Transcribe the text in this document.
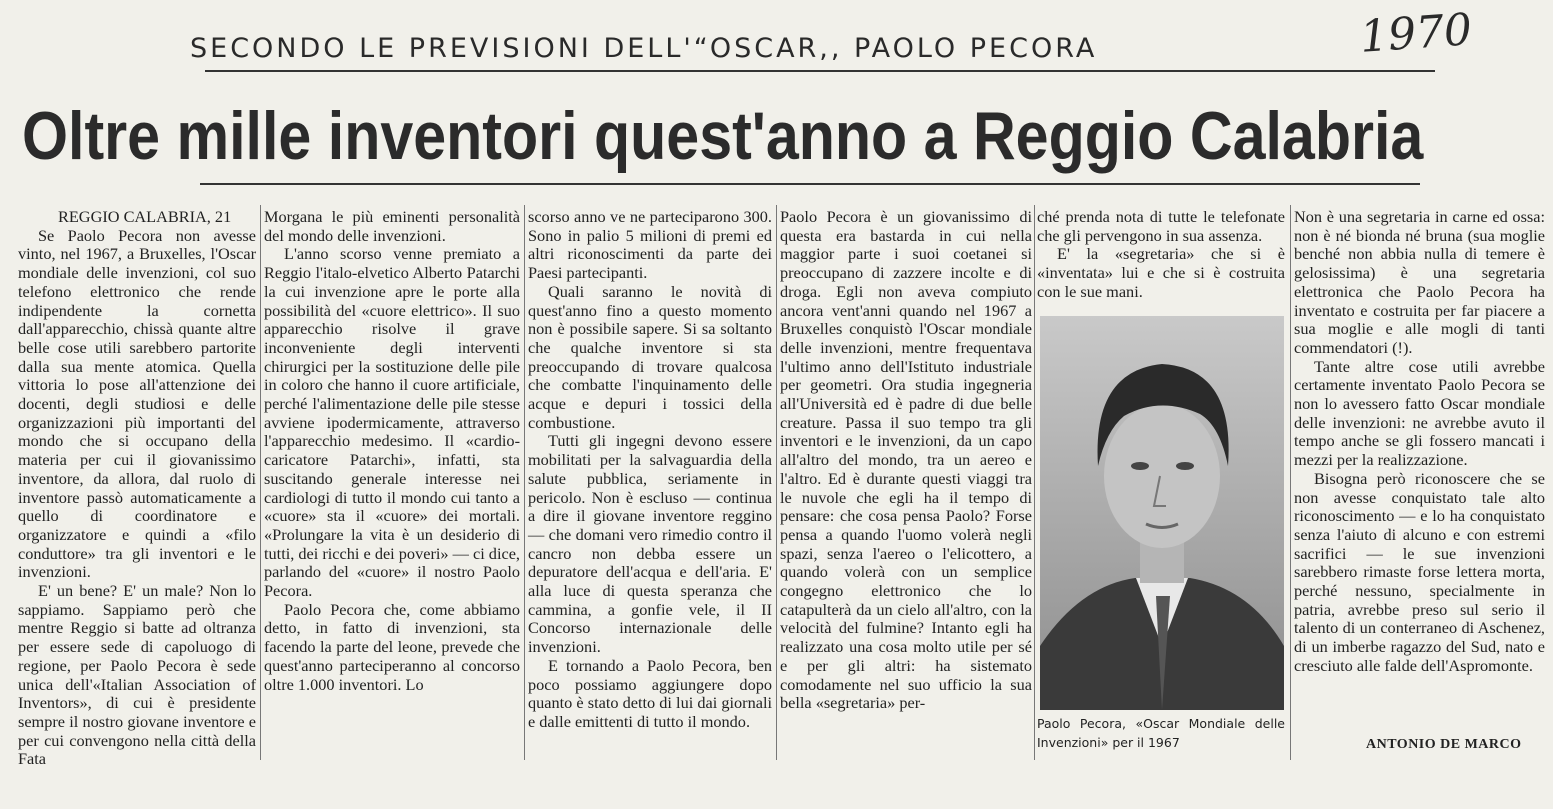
SECONDO LE PREVISIONI DELL'“OSCAR,, PAOLO PECORA	1970
Oltre mille inventori quest'anno a Reggio Calabria
REGGIO CALABRIA, 21

Se Paolo Pecora non avesse vinto, nel 1967, a Bruxelles, l'Oscar mondiale delle invenzioni, col suo telefono elettronico che rende indipendente la cornetta dall'apparecchio, chissà quante altre belle cose utili sarebbero partorite dalla sua mente atomica. Quella vittoria lo pose all'attenzione dei docenti, degli studiosi e delle organizzazioni più importanti del mondo che si occupano della materia per cui il giovanissimo inventore, da allora, dal ruolo di inventore passò automaticamente a quello di coordinatore e organizzatore e quindi a «filo conduttore» tra gli inventori e le invenzioni.

E' un bene? E' un male? Non lo sappiamo. Sappiamo però che mentre Reggio si batte ad oltranza per essere sede di capoluogo di regione, per Paolo Pecora è sede unica dell'«Italian Association of Inventors», di cui è presidente sempre il nostro giovane inventore e per cui convengono nella città della Fata

Morgana le più eminenti personalità del mondo delle invenzioni.

L'anno scorso venne premiato a Reggio l'italo-elvetico Alberto Patarchi la cui invenzione apre le porte alla possibilità del «cuore elettrico». Il suo apparecchio risolve il grave inconveniente degli interventi chirurgici per la sostituzione delle pile in coloro che hanno il cuore artificiale, perché l'alimentazione delle pile stesse avviene ipodermicamente, attraverso l'apparecchio medesimo. Il «cardio-caricatore Patarchi», infatti, sta suscitando generale interesse nei cardiologi di tutto il mondo cui tanto a «cuore» sta il «cuore» dei mortali. «Prolungare la vita è un desiderio di tutti, dei ricchi e dei poveri» — ci dice, parlando del «cuore» il nostro Paolo Pecora.

Paolo Pecora che, come abbiamo detto, in fatto di invenzioni, sta facendo la parte del leone, prevede che quest'anno parteciperanno al concorso oltre 1.000 inventori. Lo

scorso anno ve ne parteciparono 300. Sono in palio 5 milioni di premi ed altri riconoscimenti da parte dei Paesi partecipanti.

Quali saranno le novità di quest'anno fino a questo momento non è possibile sapere. Si sa soltanto che qualche inventore si sta preoccupando di trovare qualcosa che combatte l'inquinamento delle acque e depuri i tossici della combustione.

Tutti gli ingegni devono essere mobilitati per la salvaguardia della salute pubblica, seriamente in pericolo. Non è escluso — continua a dire il giovane inventore reggino — che domani vero rimedio contro il cancro non debba essere un depuratore dell'acqua e dell'aria. E' alla luce di questa speranza che cammina, a gonfie vele, il II Concorso internazionale delle invenzioni.

E tornando a Paolo Pecora, ben poco possiamo aggiungere dopo quanto è stato detto di lui dai giornali e dalle emittenti di tutto il mondo.

Paolo Pecora è un giovanissimo di questa era bastarda in cui nella maggior parte i suoi coetanei si preoccupano di zazzere incolte e di droga. Egli non aveva compiuto ancora vent'anni quando nel 1967 a Bruxelles conquistò l'Oscar mondiale delle invenzioni, mentre frequentava l'ultimo anno dell'Istituto industriale per geometri. Ora studia ingegneria all'Università ed è padre di due belle creature. Passa il suo tempo tra gli inventori e le invenzioni, da un capo all'altro del mondo, tra un aereo e l'altro. Ed è durante questi viaggi tra le nuvole che egli ha il tempo di pensare: che cosa pensa Paolo? Forse pensa a quando l'uomo volerà negli spazi, senza l'aereo o l'elicottero, a quando volerà con un semplice congegno elettronico che lo catapulterà da un cielo all'altro, con la velocità del fulmine? Intanto egli ha realizzato una cosa molto utile per sé e per gli altri: ha sistemato comodamente nel suo ufficio la sua bella «segretaria» per-

ché prenda nota di tutte le telefonate che gli pervengono in sua assenza.

E' la «segretaria» che si è «inventata» lui e che si è costruita con le sue mani.

Paolo Pecora, «Oscar Mondiale delle Invenzioni» per il 1967

Non è una segretaria in carne ed ossa: non è né bionda né bruna (sua moglie benché non abbia nulla di temere è gelosissima) è una segretaria elettronica che Paolo Pecora ha inventato e costruita per far piacere a sua moglie e alle mogli di tanti commendatori (!).

Tante altre cose utili avrebbe certamente inventato Paolo Pecora se non lo avessero fatto Oscar mondiale delle invenzioni: ne avrebbe avuto il tempo anche se gli fossero mancati i mezzi per la realizzazione.

Bisogna però riconoscere che se non avesse conquistato tale alto riconoscimento — e lo ha conquistato senza l'aiuto di alcuno e con estremi sacrifici — le sue invenzioni sarebbero rimaste forse lettera morta, perché nessuno, specialmente in patria, avrebbe preso sul serio il talento di un conterraneo di Aschenez, di un imberbe ragazzo del Sud, nato e cresciuto alle falde dell'Aspromonte.

ANTONIO DE MARCO
